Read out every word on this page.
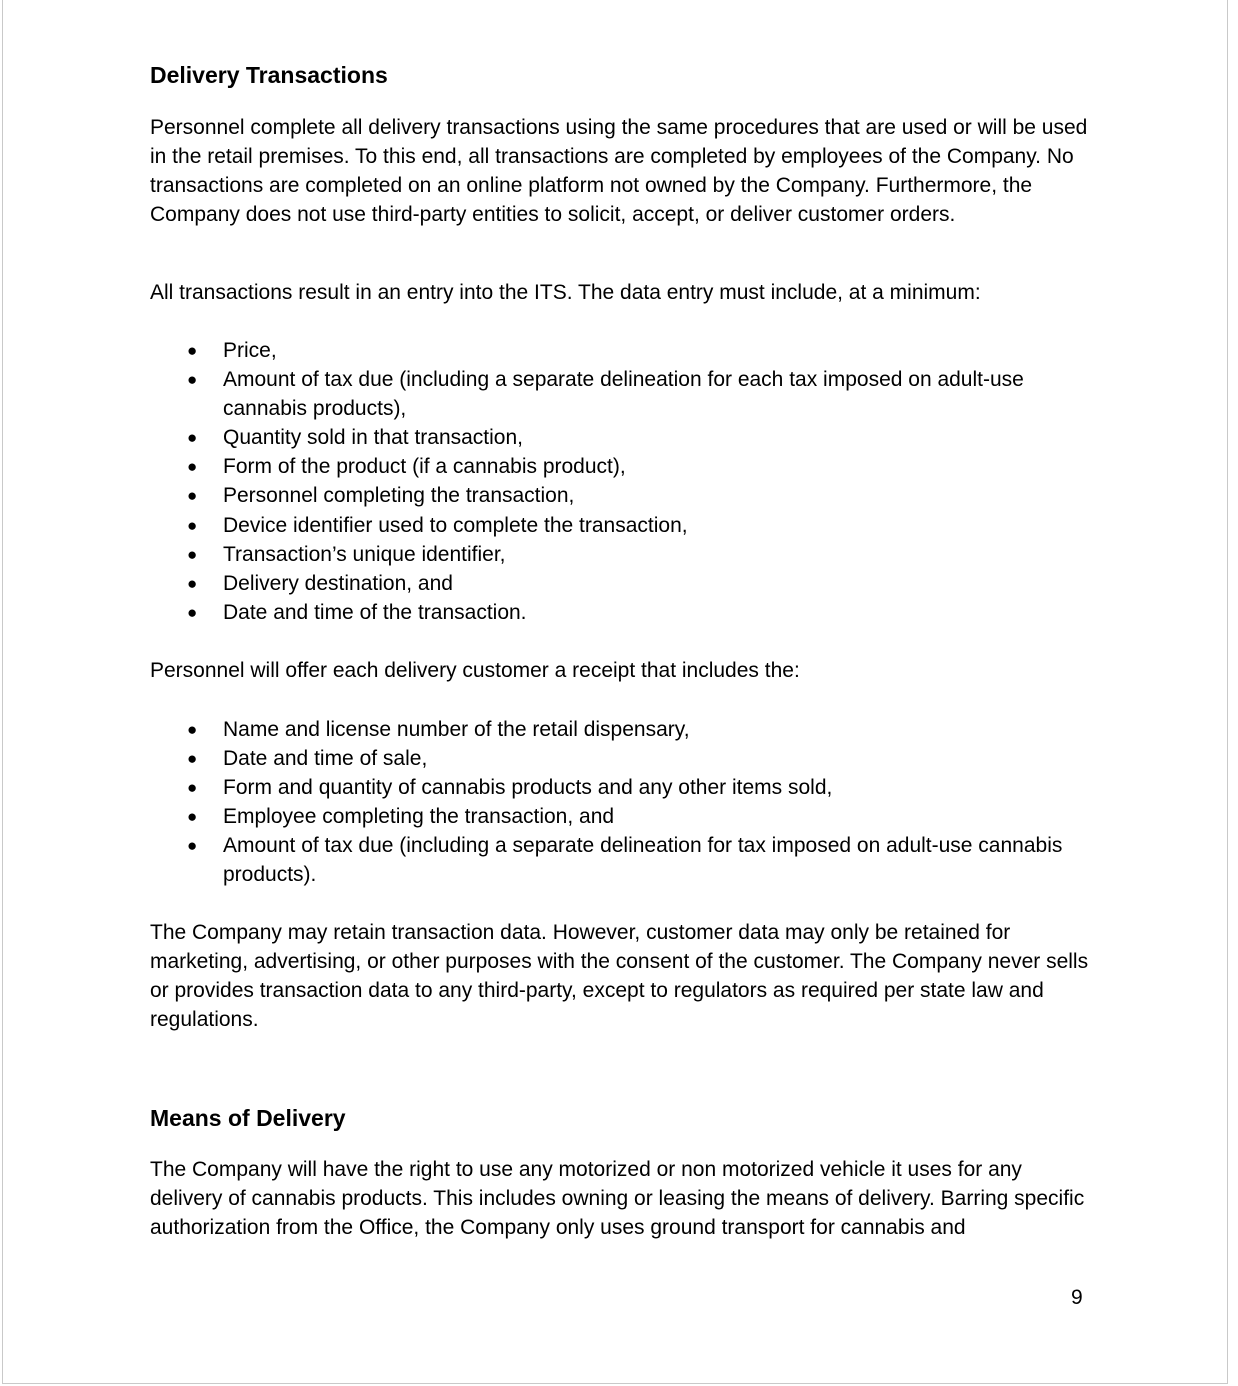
Delivery Transactions

Personnel complete all delivery transactions using the same procedures that are used or will be used in the retail premises. To this end, all transactions are completed by employees of the Company. No transactions are completed on an online platform not owned by the Company. Furthermore, the Company does not use third-party entities to solicit, accept, or deliver customer orders.

All transactions result in an entry into the ITS. The data entry must include, at a minimum:

● Price,
● Amount of tax due (including a separate delineation for each tax imposed on adult-use cannabis products),
● Quantity sold in that transaction,
● Form of the product (if a cannabis product),
● Personnel completing the transaction,
● Device identifier used to complete the transaction,
● Transaction’s unique identifier,
● Delivery destination, and
● Date and time of the transaction.

Personnel will offer each delivery customer a receipt that includes the:

● Name and license number of the retail dispensary,
● Date and time of sale,
● Form and quantity of cannabis products and any other items sold,
● Employee completing the transaction, and
● Amount of tax due (including a separate delineation for tax imposed on adult-use cannabis products).

The Company may retain transaction data. However, customer data may only be retained for marketing, advertising, or other purposes with the consent of the customer. The Company never sells or provides transaction data to any third-party, except to regulators as required per state law and regulations.

Means of Delivery

The Company will have the right to use any motorized or non motorized vehicle it uses for any delivery of cannabis products. This includes owning or leasing the means of delivery. Barring specific authorization from the Office, the Company only uses ground transport for cannabis and

9
